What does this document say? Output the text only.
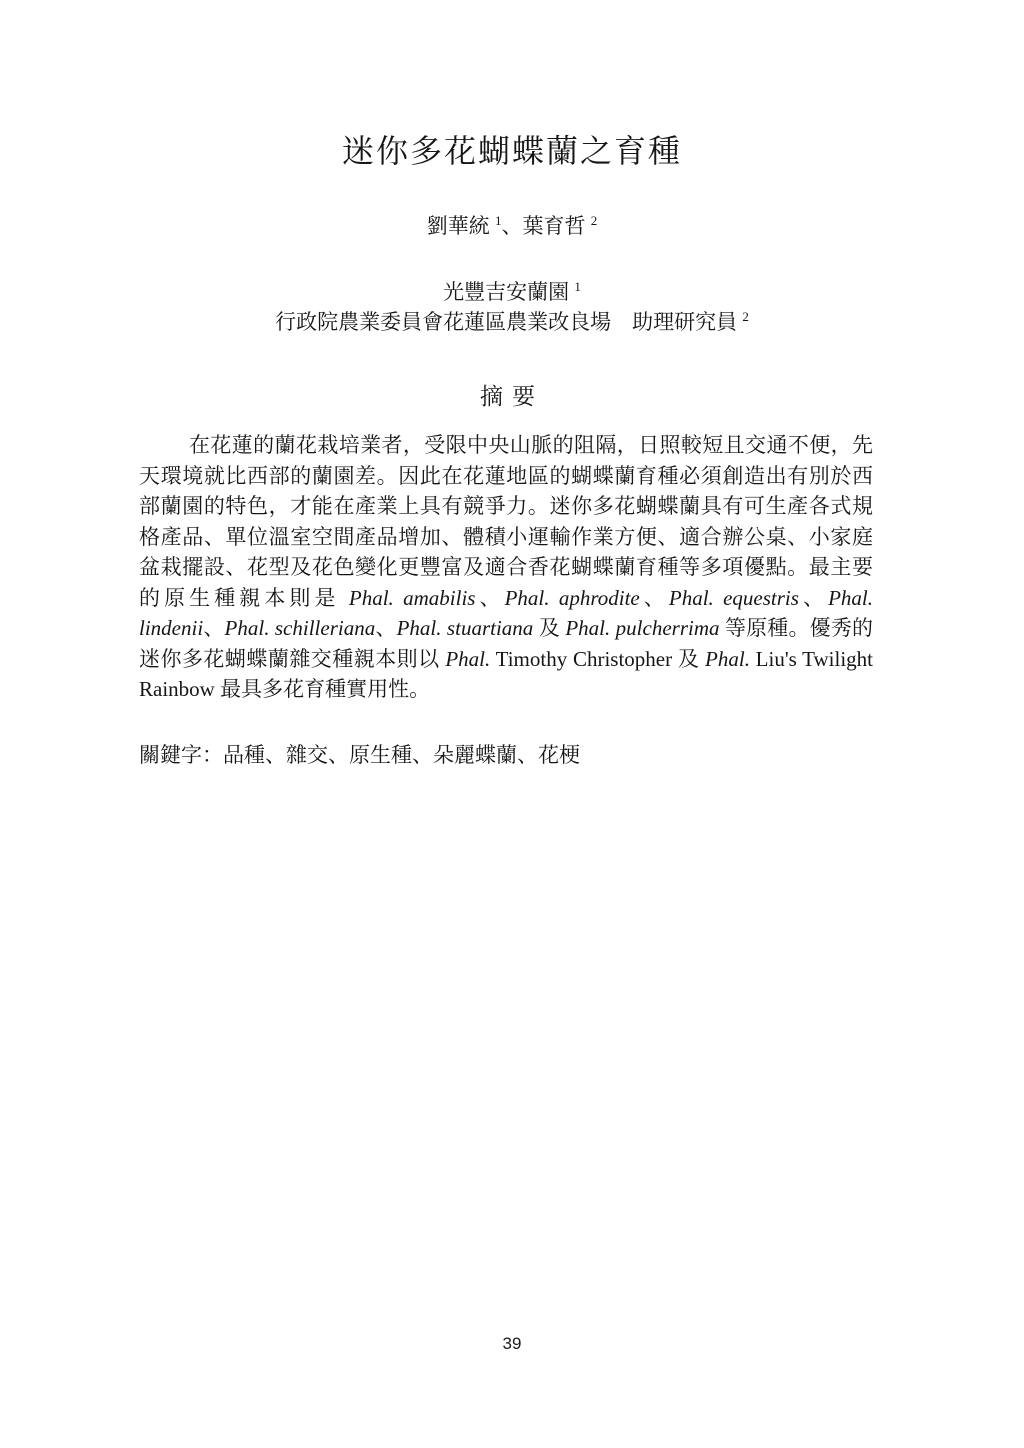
迷你多花蝴蝶蘭之育種
劉華統 $^1$、葉育哲 $^2$
光豐吉安蘭園 $^1$
行政院農業委員會花蓮區農業改良場　助理研究員 $^2$
摘要

在花蓮的蘭花栽培業者，受限中央山脈的阻隔，日照較短且交通不便，先天環境就比西部的蘭園差。因此在花蓮地區的蝴蝶蘭育種必須創造出有別於西部蘭園的特色，才能在產業上具有競爭力。迷你多花蝴蝶蘭具有可生產各式規格產品、單位溫室空間產品增加、體積小運輸作業方便、適合辦公桌、小家庭盆栽擺設、花型及花色變化更豐富及適合香花蝴蝶蘭育種等多項優點。最主要的原生種親本則是 Phal. amabilis、Phal. aphrodite、Phal. equestris、Phal. lindenii、Phal. schilleriana、Phal. stuartiana 及 Phal. pulcherrima 等原種。優秀的迷你多花蝴蝶蘭雜交種親本則以 Phal. Timothy Christopher 及 Phal. Liu's Twilight Rainbow 最具多花育種實用性。

關鍵字：品種、雜交、原生種、朵麗蝶蘭、花梗

39
